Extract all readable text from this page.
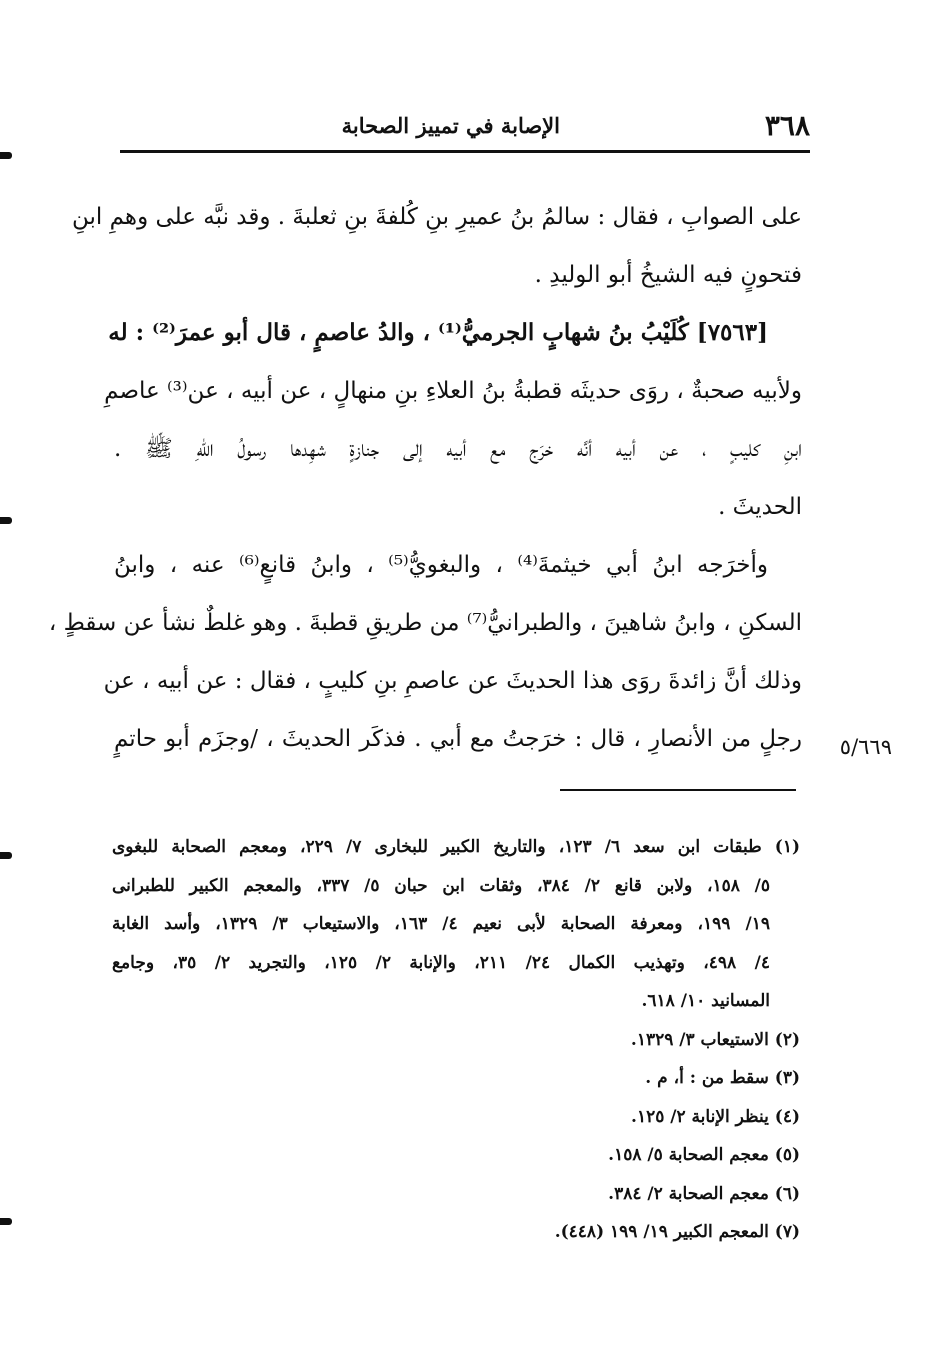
٣٦٨
الإصابة في تمييز الصحابة

على الصوابِ ، فقال : سالمُ بنُ عميرِ بنِ كُلفةَ بنِ ثعلبةَ . وقد نبَّه على وهمِ ابنِ
فتحونٍ فيه الشيخُ أبو الوليدِ .

[٧٥٦٣] كُلَيْبُ بنُ شهابٍ الجرميُّ⁽¹⁾ ، والدُ عاصمٍ ، قال أبو عمرَ⁽²⁾ : له
ولأبيه صحبةٌ ، روَى حديثَه قطبةُ بنُ العلاءِ بنِ منهالٍ ، عن أبيه ، عن⁽³⁾ عاصمِ
ابنِ كليبٍ ، عن أبيه أنَّه خرَج مع أبيه إلى جنازةٍ شهِدها رسولُ اللهِ ﷺ .
الحديثَ .

وأخرَجه ابنُ أبي خيثمةَ⁽⁴⁾ ، والبغويُّ⁽⁵⁾ ، وابنُ قانعٍ⁽⁶⁾ عنه ، وابنُ
السكنِ ، وابنُ شاهينَ ، والطبرانيُّ⁽⁷⁾ من طريقِ قطبةَ . وهو غلطٌ نشأ عن سقطٍ ،
وذلك أنَّ زائدةَ روَى هذا الحديثَ عن عاصمِ بنِ كليبٍ ، فقال : عن أبيه ، عن
رجلٍ من الأنصارِ ، قال : خرَجتُ مع أبي . فذكَر الحديثَ ، /وجزَم أبو حاتمٍ	٥/٦٦٩
(١) طبقات ابن سعد ٦/ ١٢٣، والتاريخ الكبير للبخارى ٧/ ٢٢٩، ومعجم الصحابة للبغوى
٥/ ١٥٨، ولابن قانع ٢/ ٣٨٤، وثقات ابن حبان ٥/ ٣٣٧، والمعجم الكبير للطبرانى
١٩/ ١٩٩، ومعرفة الصحابة لأبى نعيم ٤/ ١٦٣، والاستيعاب ٣/ ١٣٢٩، وأسد الغابة
٤/ ٤٩٨، وتهذيب الكمال ٢٤/ ٢١١، والإنابة ٢/ ١٢٥، والتجريد ٢/ ٣٥، وجامع
المسانيد ١٠/ ٦١٨.
(٢) الاستيعاب ٣/ ١٣٢٩.
(٣) سقط من : أ، م .
(٤) ينظر الإنابة ٢/ ١٢٥.
(٥) معجم الصحابة ٥/ ١٥٨.
(٦) معجم الصحابة ٢/ ٣٨٤.
(٧) المعجم الكبير ١٩/ ١٩٩ (٤٤٨).
